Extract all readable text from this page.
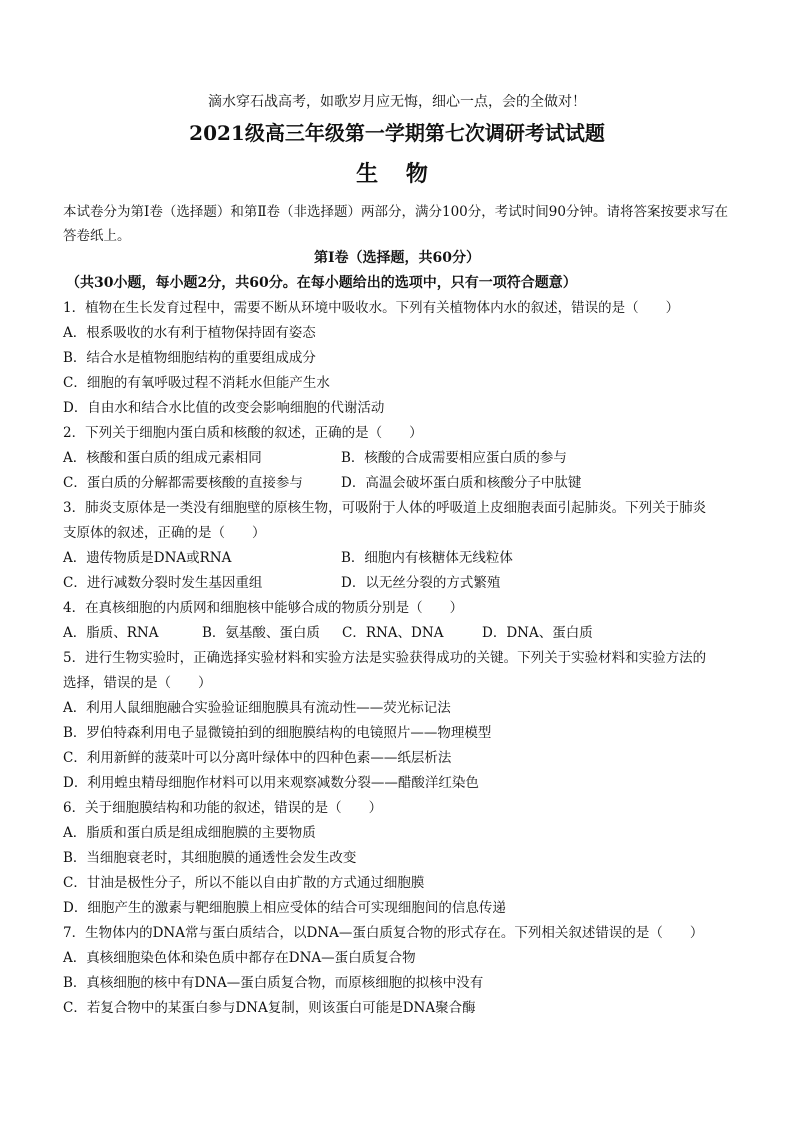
滴水穿石战高考，如歌岁月应无悔，细心一点，会的全做对！
2021级高三年级第一学期第七次调研考试试题
生 物
本试卷分为第Ⅰ卷（选择题）和第Ⅱ卷（非选择题）两部分，满分100分，考试时间90分钟。请将答案按要求写在答卷纸上。
第Ⅰ卷（选择题，共60分）
（共30小题，每小题2分，共60分。在每小题给出的选项中，只有一项符合题意）
1．植物在生长发育过程中，需要不断从环境中吸收水。下列有关植物体内水的叙述，错误的是（　　）
A．根系吸收的水有利于植物保持固有姿态
B．结合水是植物细胞结构的重要组成成分
C．细胞的有氧呼吸过程不消耗水但能产生水
D．自由水和结合水比值的改变会影响细胞的代谢活动
2．下列关于细胞内蛋白质和核酸的叙述，正确的是（　　）
A．核酸和蛋白质的组成元素相同	B．核酸的合成需要相应蛋白质的参与
C．蛋白质的分解都需要核酸的直接参与	D．高温会破坏蛋白质和核酸分子中肽键
3．肺炎支原体是一类没有细胞壁的原核生物，可吸附于人体的呼吸道上皮细胞表面引起肺炎。下列关于肺炎
支原体的叙述，正确的是（　　）
A．遗传物质是DNA或RNA	B．细胞内有核糖体无线粒体
C．进行减数分裂时发生基因重组	D．以无丝分裂的方式繁殖
4．在真核细胞的内质网和细胞核中能够合成的物质分别是（　　）
A．脂质、RNA	B．氨基酸、蛋白质 C．RNA、DNA	D．DNA、蛋白质
5．进行生物实验时，正确选择实验材料和实验方法是实验获得成功的关键。下列关于实验材料和实验方法的
选择，错误的是（　　）
A．利用人鼠细胞融合实验验证细胞膜具有流动性——荧光标记法
B．罗伯特森利用电子显微镜拍到的细胞膜结构的电镜照片——物理模型
C．利用新鲜的菠菜叶可以分离叶绿体中的四种色素——纸层析法
D．利用蝗虫精母细胞作材料可以用来观察减数分裂——醋酸洋红染色
6．关于细胞膜结构和功能的叙述，错误的是（　　）
A．脂质和蛋白质是组成细胞膜的主要物质
B．当细胞衰老时，其细胞膜的通透性会发生改变
C．甘油是极性分子，所以不能以自由扩散的方式通过细胞膜
D．细胞产生的激素与靶细胞膜上相应受体的结合可实现细胞间的信息传递
7．生物体内的DNA常与蛋白质结合，以DNA—蛋白质复合物的形式存在。下列相关叙述错误的是（　　）
A．真核细胞染色体和染色质中都存在DNA—蛋白质复合物
B．真核细胞的核中有DNA—蛋白质复合物，而原核细胞的拟核中没有
C．若复合物中的某蛋白参与DNA复制，则该蛋白可能是DNA聚合酶
